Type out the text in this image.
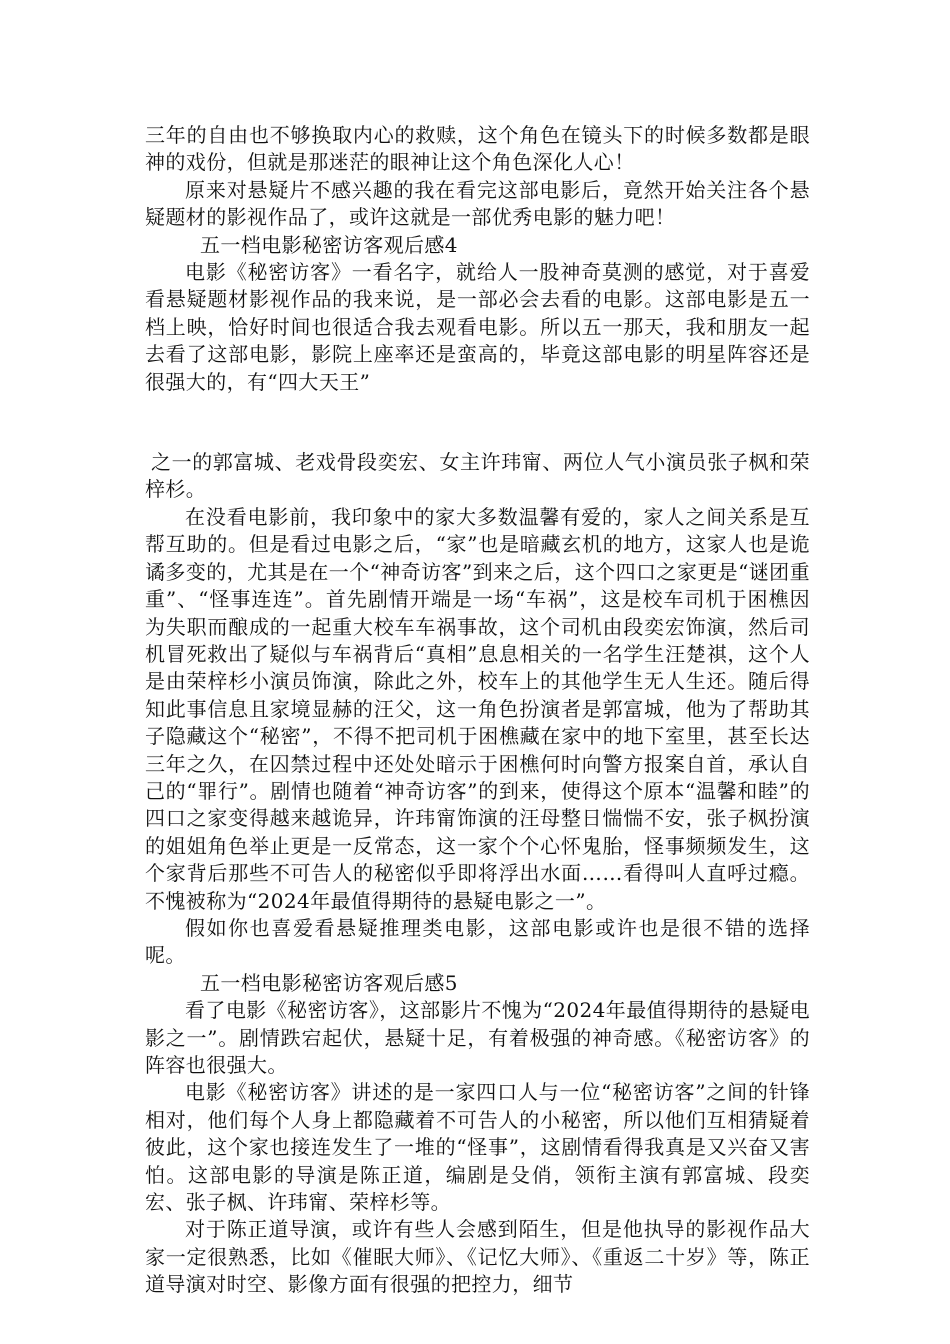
三年的自由也不够换取内心的救赎，这个角色在镜头下的时候多数都是眼神的戏份，但就是那迷茫的眼神让这个角色深化人心！

原来对悬疑片不感兴趣的我在看完这部电影后，竟然开始关注各个悬疑题材的影视作品了，或许这就是一部优秀电影的魅力吧！

五一档电影秘密访客观后感4

电影《秘密访客》一看名字，就给人一股神奇莫测的感觉，对于喜爱看悬疑题材影视作品的我来说，是一部必会去看的电影。这部电影是五一档上映，恰好时间也很适合我去观看电影。所以五一那天，我和朋友一起去看了这部电影，影院上座率还是蛮高的，毕竟这部电影的明星阵容还是很强大的，有“四大天王”

之一的郭富城、老戏骨段奕宏、女主许玮甯、两位人气小演员张子枫和荣梓杉。

在没看电影前，我印象中的家大多数温馨有爱的，家人之间关系是互帮互助的。但是看过电影之后，“家”也是暗藏玄机的地方，这家人也是诡谲多变的，尤其是在一个“神奇访客”到来之后，这个四口之家更是“谜团重重”、“怪事连连”。首先剧情开端是一场“车祸”，这是校车司机于困樵因为失职而酿成的一起重大校车车祸事故，这个司机由段奕宏饰演，然后司机冒死救出了疑似与车祸背后“真相”息息相关的一名学生汪楚祺，这个人是由荣梓杉小演员饰演，除此之外，校车上的其他学生无人生还。随后得知此事信息且家境显赫的汪父，这一角色扮演者是郭富城，他为了帮助其子隐藏这个“秘密”，不得不把司机于困樵藏在家中的地下室里，甚至长达三年之久，在囚禁过程中还处处暗示于困樵何时向警方报案自首，承认自己的“罪行”。剧情也随着“神奇访客”的到来，使得这个原本“温馨和睦”的四口之家变得越来越诡异，许玮甯饰演的汪母整日惴惴不安，张子枫扮演的姐姐角色举止更是一反常态，这一家个个心怀鬼胎，怪事频频发生，这个家背后那些不可告人的秘密似乎即将浮出水面……看得叫人直呼过瘾。不愧被称为“2024年最值得期待的悬疑电影之一”。

假如你也喜爱看悬疑推理类电影，这部电影或许也是很不错的选择呢。

五一档电影秘密访客观后感5

看了电影《秘密访客》，这部影片不愧为“2024年最值得期待的悬疑电影之一”。剧情跌宕起伏，悬疑十足，有着极强的神奇感。《秘密访客》的阵容也很强大。

电影《秘密访客》讲述的是一家四口人与一位“秘密访客”之间的针锋相对，他们每个人身上都隐藏着不可告人的小秘密，所以他们互相猜疑着彼此，这个家也接连发生了一堆的“怪事”，这剧情看得我真是又兴奋又害怕。这部电影的导演是陈正道，编剧是殳俏，领衔主演有郭富城、段奕宏、张子枫、许玮甯、荣梓杉等。

对于陈正道导演，或许有些人会感到陌生，但是他执导的影视作品大家一定很熟悉，比如《催眠大师》、《记忆大师》、《重返二十岁》等，陈正道导演对时空、影像方面有很强的把控力，细节
